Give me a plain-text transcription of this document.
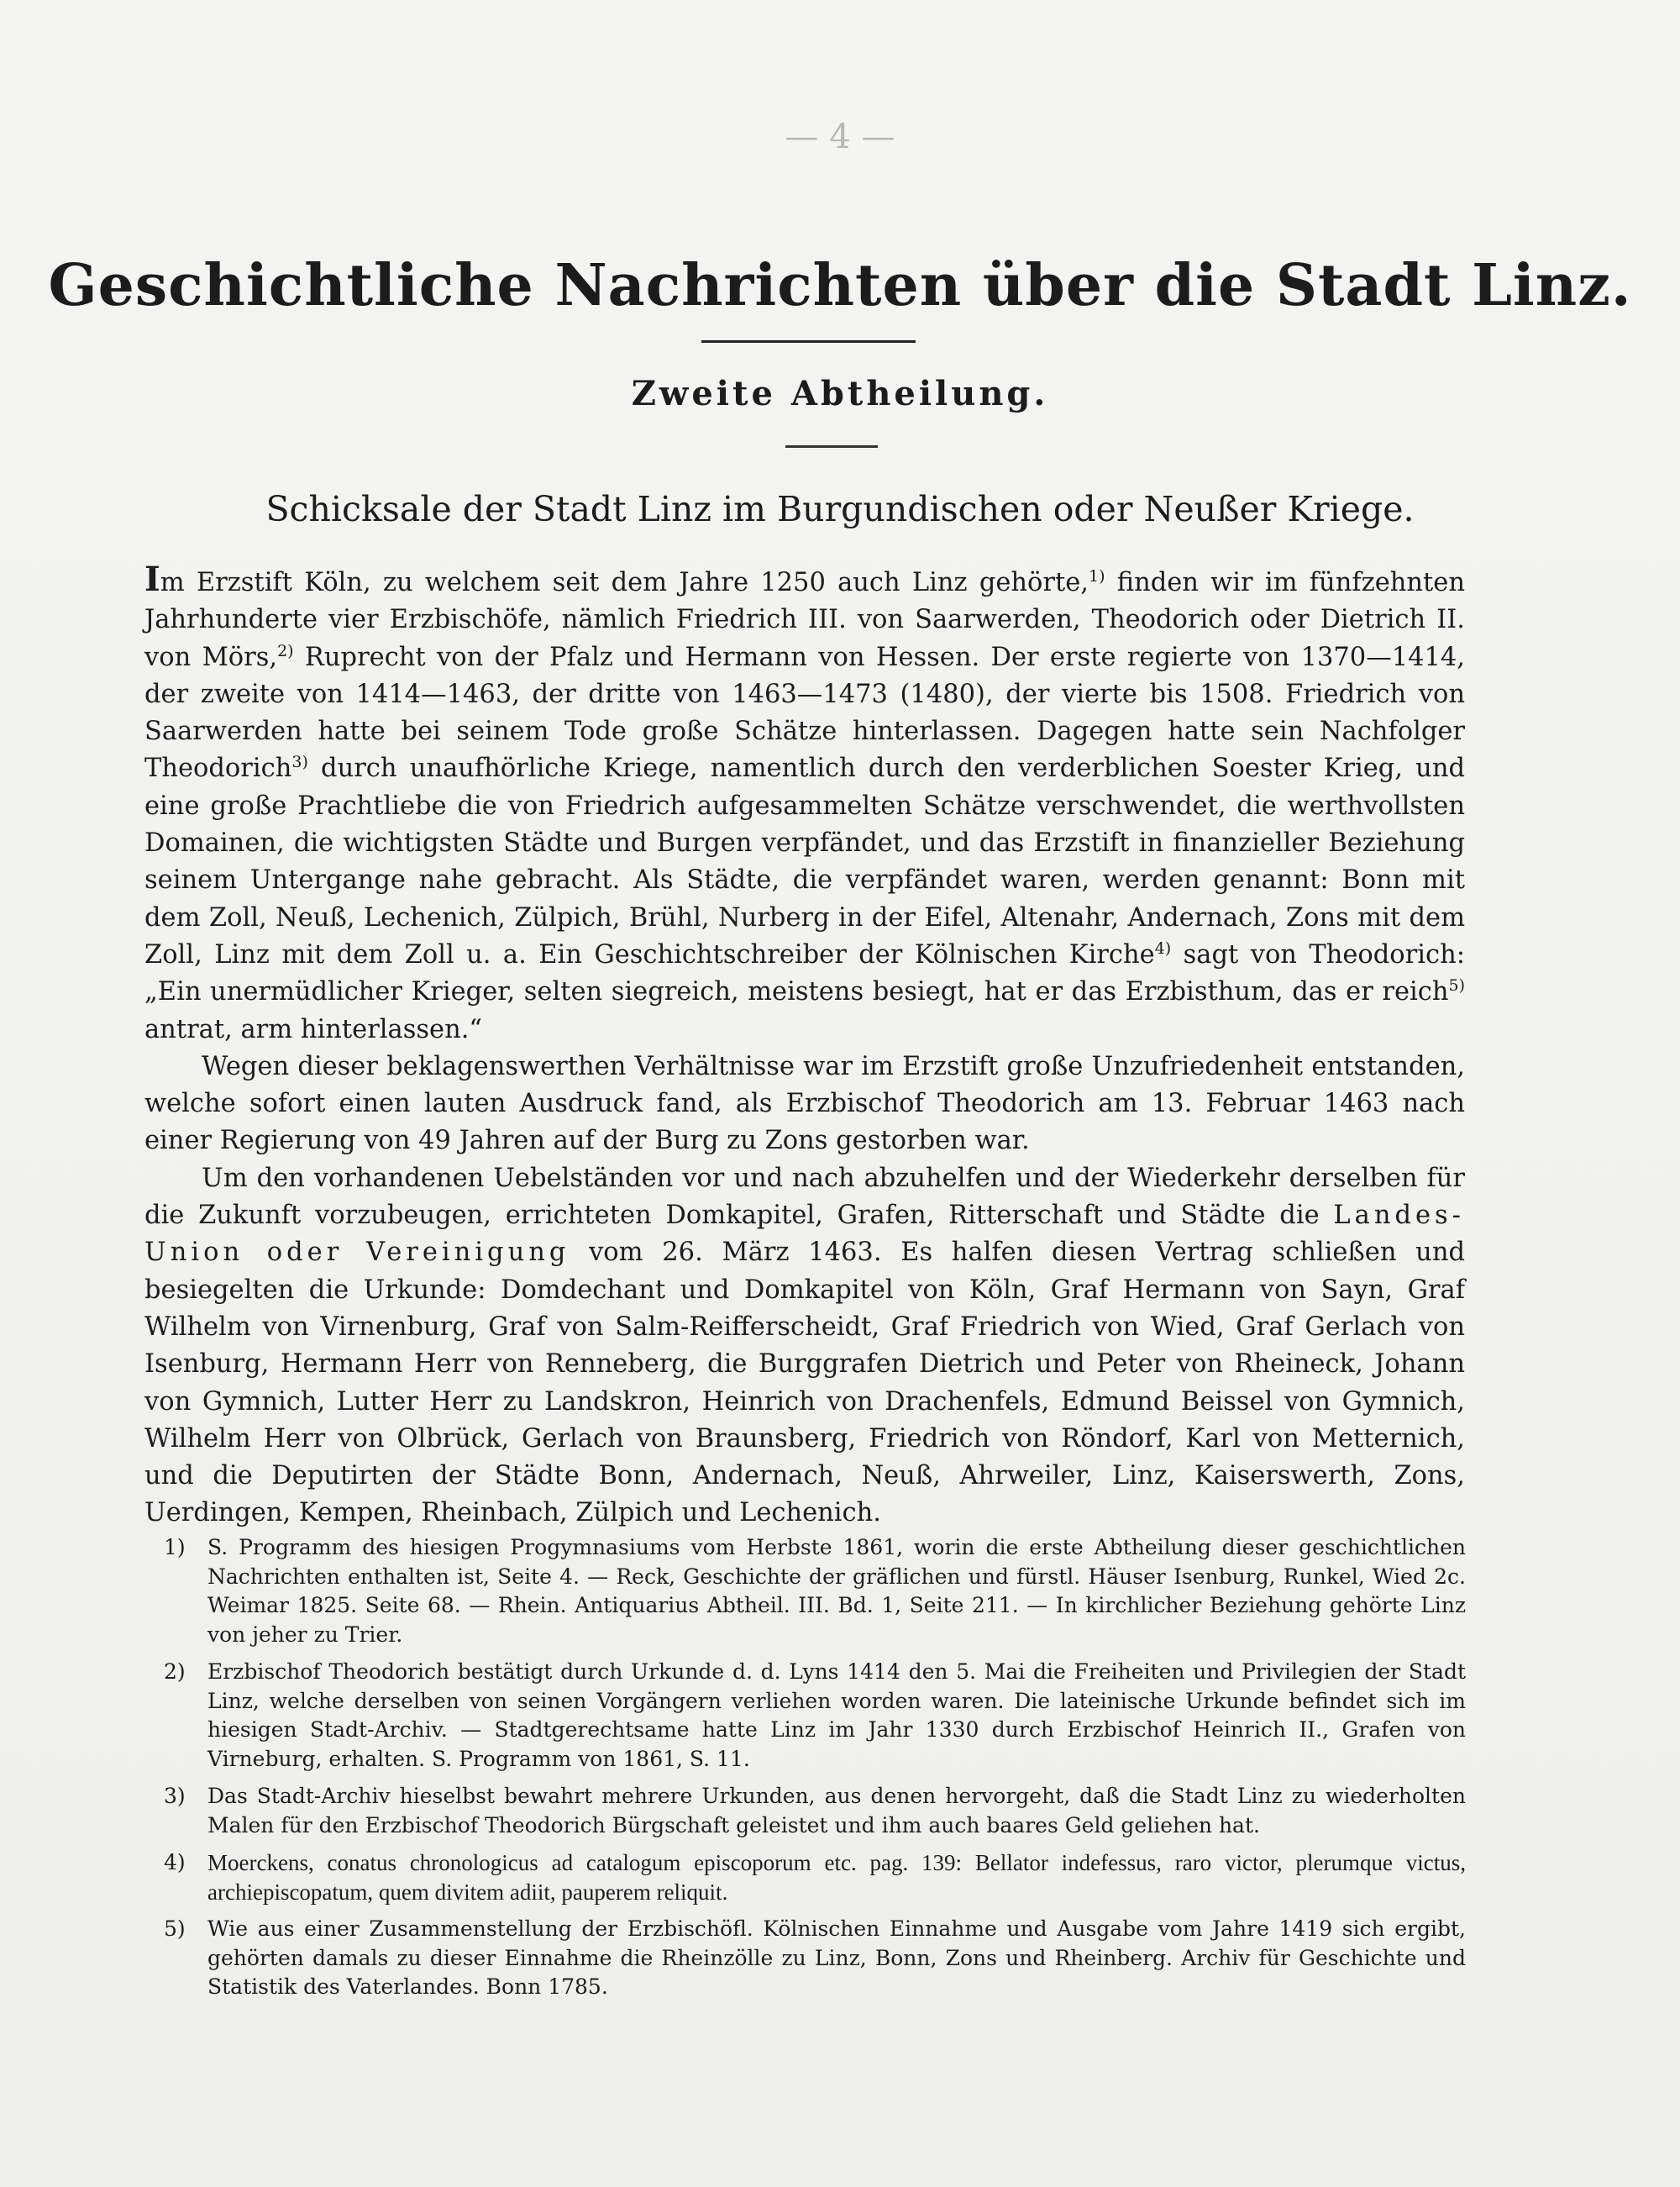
— 4 —
Geschichtliche Nachrichten über die Stadt Linz.
Zweite Abtheilung.
Schicksale der Stadt Linz im Burgundischen oder Neußer Kriege.

Im Erzstift Köln, zu welchem seit dem Jahre 1250 auch Linz gehörte,$^{1)}$ finden wir im fünfzehnten Jahrhunderte vier Erzbischöfe, nämlich Friedrich III. von Saarwerden, Theodorich oder Dietrich II. von Mörs,$^{2)}$ Ruprecht von der Pfalz und Hermann von Hessen. Der erste regierte von 1370—1414, der zweite von 1414—1463, der dritte von 1463—1473 (1480), der vierte bis 1508. Friedrich von Saarwerden hatte bei seinem Tode große Schätze hinterlassen. Dagegen hatte sein Nachfolger Theodorich$^{3)}$ durch unaufhörliche Kriege, namentlich durch den verderblichen Soester Krieg, und eine große Prachtliebe die von Friedrich aufgesammelten Schätze verschwendet, die werthvollsten Domainen, die wichtigsten Städte und Burgen verpfändet, und das Erzstift in finanzieller Beziehung seinem Untergange nahe gebracht. Als Städte, die verpfändet waren, werden genannt: Bonn mit dem Zoll, Neuß, Lechenich, Zülpich, Brühl, Nurberg in der Eifel, Altenahr, Andernach, Zons mit dem Zoll, Linz mit dem Zoll u. a. Ein Geschichtschreiber der Kölnischen Kirche$^{4)}$ sagt von Theodorich: „Ein unermüdlicher Krieger, selten siegreich, meistens besiegt, hat er das Erzbisthum, das er reich$^{5)}$ antrat, arm hinterlassen.“

Wegen dieser beklagenswerthen Verhältnisse war im Erzstift große Unzufriedenheit entstanden, welche sofort einen lauten Ausdruck fand, als Erzbischof Theodorich am 13. Februar 1463 nach einer Regierung von 49 Jahren auf der Burg zu Zons gestorben war.

Um den vorhandenen Uebelständen vor und nach abzuhelfen und der Wiederkehr derselben für die Zukunft vorzubeugen, errichteten Domkapitel, Grafen, Ritterschaft und Städte die Landes-Union oder Vereinigung vom 26. März 1463. Es halfen diesen Vertrag schließen und besiegelten die Urkunde: Domdechant und Domkapitel von Köln, Graf Hermann von Sayn, Graf Wilhelm von Virnenburg, Graf von Salm-Reifferscheidt, Graf Friedrich von Wied, Graf Gerlach von Isenburg, Hermann Herr von Renneberg, die Burggrafen Dietrich und Peter von Rheineck, Johann von Gymnich, Lutter Herr zu Landskron, Heinrich von Drachenfels, Edmund Beissel von Gymnich, Wilhelm Herr von Olbrück, Gerlach von Braunsberg, Friedrich von Röndorf, Karl von Metternich, und die Deputirten der Städte Bonn, Andernach, Neuß, Ahrweiler, Linz, Kaiserswerth, Zons, Uerdingen, Kempen, Rheinbach, Zülpich und Lechenich.

1)	S. Programm des hiesigen Progymnasiums vom Herbste 1861, worin die erste Abtheilung dieser geschichtlichen Nachrichten enthalten ist, Seite 4. — Reck, Geschichte der gräflichen und fürstl. Häuser Isenburg, Runkel, Wied 2c. Weimar 1825. Seite 68. — Rhein. Antiquarius Abtheil. III. Bd. 1, Seite 211. — In kirchlicher Beziehung gehörte Linz von jeher zu Trier.
2)	Erzbischof Theodorich bestätigt durch Urkunde d. d. Lyns 1414 den 5. Mai die Freiheiten und Privilegien der Stadt Linz, welche derselben von seinen Vorgängern verliehen worden waren. Die lateinische Urkunde befindet sich im hiesigen Stadt-Archiv. — Stadtgerechtsame hatte Linz im Jahr 1330 durch Erzbischof Heinrich II., Grafen von Virneburg, erhalten. S. Programm von 1861, S. 11.
3)	Das Stadt-Archiv hieselbst bewahrt mehrere Urkunden, aus denen hervorgeht, daß die Stadt Linz zu wiederholten Malen für den Erzbischof Theodorich Bürgschaft geleistet und ihm auch baares Geld geliehen hat.
4) Moerckens, conatus chronologicus ad catalogum episcoporum etc. pag. 139: Bellator indefessus, raro victor, plerumque victus, archiepiscopatum, quem divitem adiit, pauperem reliquit.
5)	Wie aus einer Zusammenstellung der Erzbischöfl. Kölnischen Einnahme und Ausgabe vom Jahre 1419 sich ergibt, gehörten damals zu dieser Einnahme die Rheinzölle zu Linz, Bonn, Zons und Rheinberg. Archiv für Geschichte und Statistik des Vaterlandes. Bonn 1785.
